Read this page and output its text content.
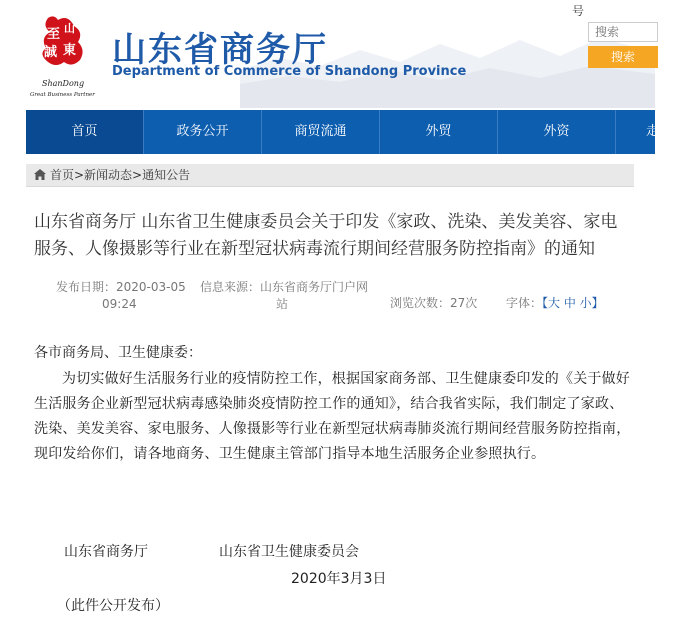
至 山
誠 東
ShanDong
Great Business Partner
山东省商务厅
Department of Commerce of Shandong Province
号
搜索
搜索
首页	政务公开	商贸流通	外贸	外资	走
首页>新闻动态>通知公告
山东省商务厅 山东省卫生健康委员会关于印发《家政、洗染、美发美容、家电
服务、人像摄影等行业在新型冠状病毒流行期间经营服务防控指南》的通知
发布日期：2020-03-05
09:24
信息来源：山东省商务厅门户网
站	浏览次数：27次 字体：【大 中 小】
各市商务局、卫生健康委：
为切实做好生活服务行业的疫情防控工作，根据国家商务部、卫生健康委印发的《关于做好生活服务企业新型冠状病毒感染肺炎疫情防控工作的通知》，结合我省实际，我们制定了家政、洗染、美发美容、家电服务、人像摄影等行业在新型冠状病毒肺炎流行期间经营服务防控指南，现印发给你们，请各地商务、卫生健康主管部门指导本地生活服务企业参照执行。
山东省商务厅	山东省卫生健康委员会
2020年3月3日
（此件公开发布）
